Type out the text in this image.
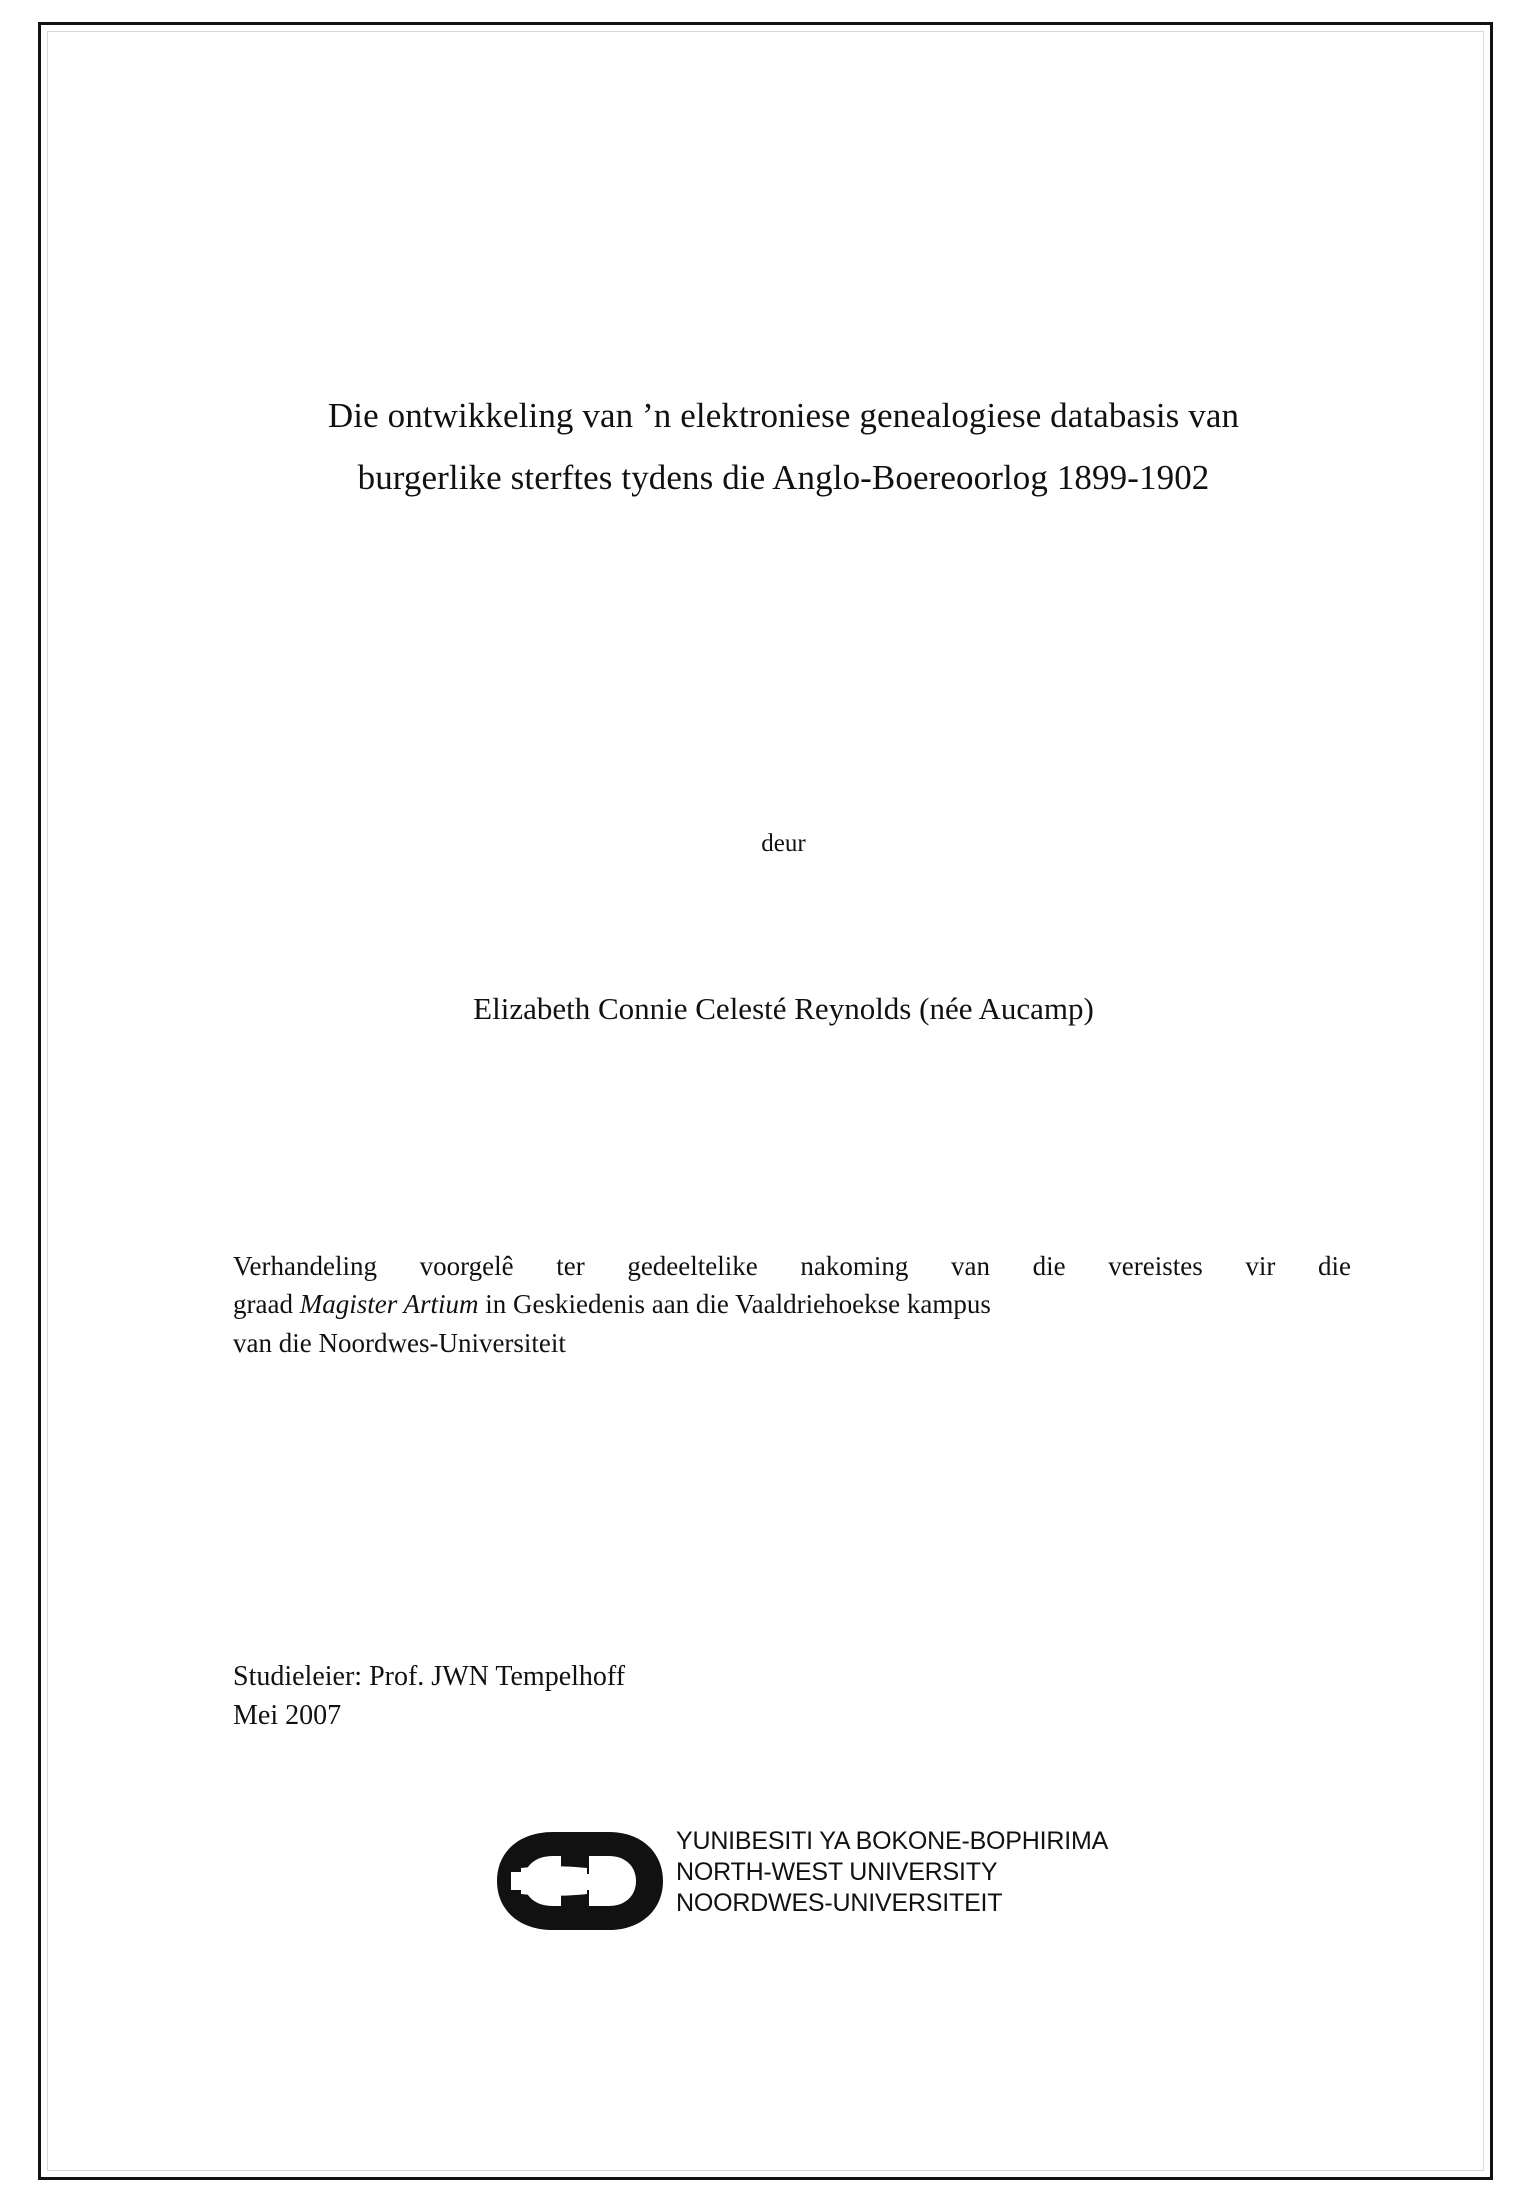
Die ontwikkeling van ’n elektroniese genealogiese databasis van
burgerlike sterftes tydens die Anglo-Boereoorlog 1899-1902
deur
Elizabeth Connie Celesté Reynolds (née Aucamp)
Verhandeling voorgelê ter gedeeltelike nakoming van die vereistes vir die
graad Magister Artium in Geskiedenis aan die Vaaldriehoekse kampus
van die Noordwes-Universiteit
Studieleier: Prof. JWN Tempelhoff
Mei 2007
YUNIBESITI YA BOKONE-BOPHIRIMA
NORTH-WEST UNIVERSITY
NOORDWES-UNIVERSITEIT
